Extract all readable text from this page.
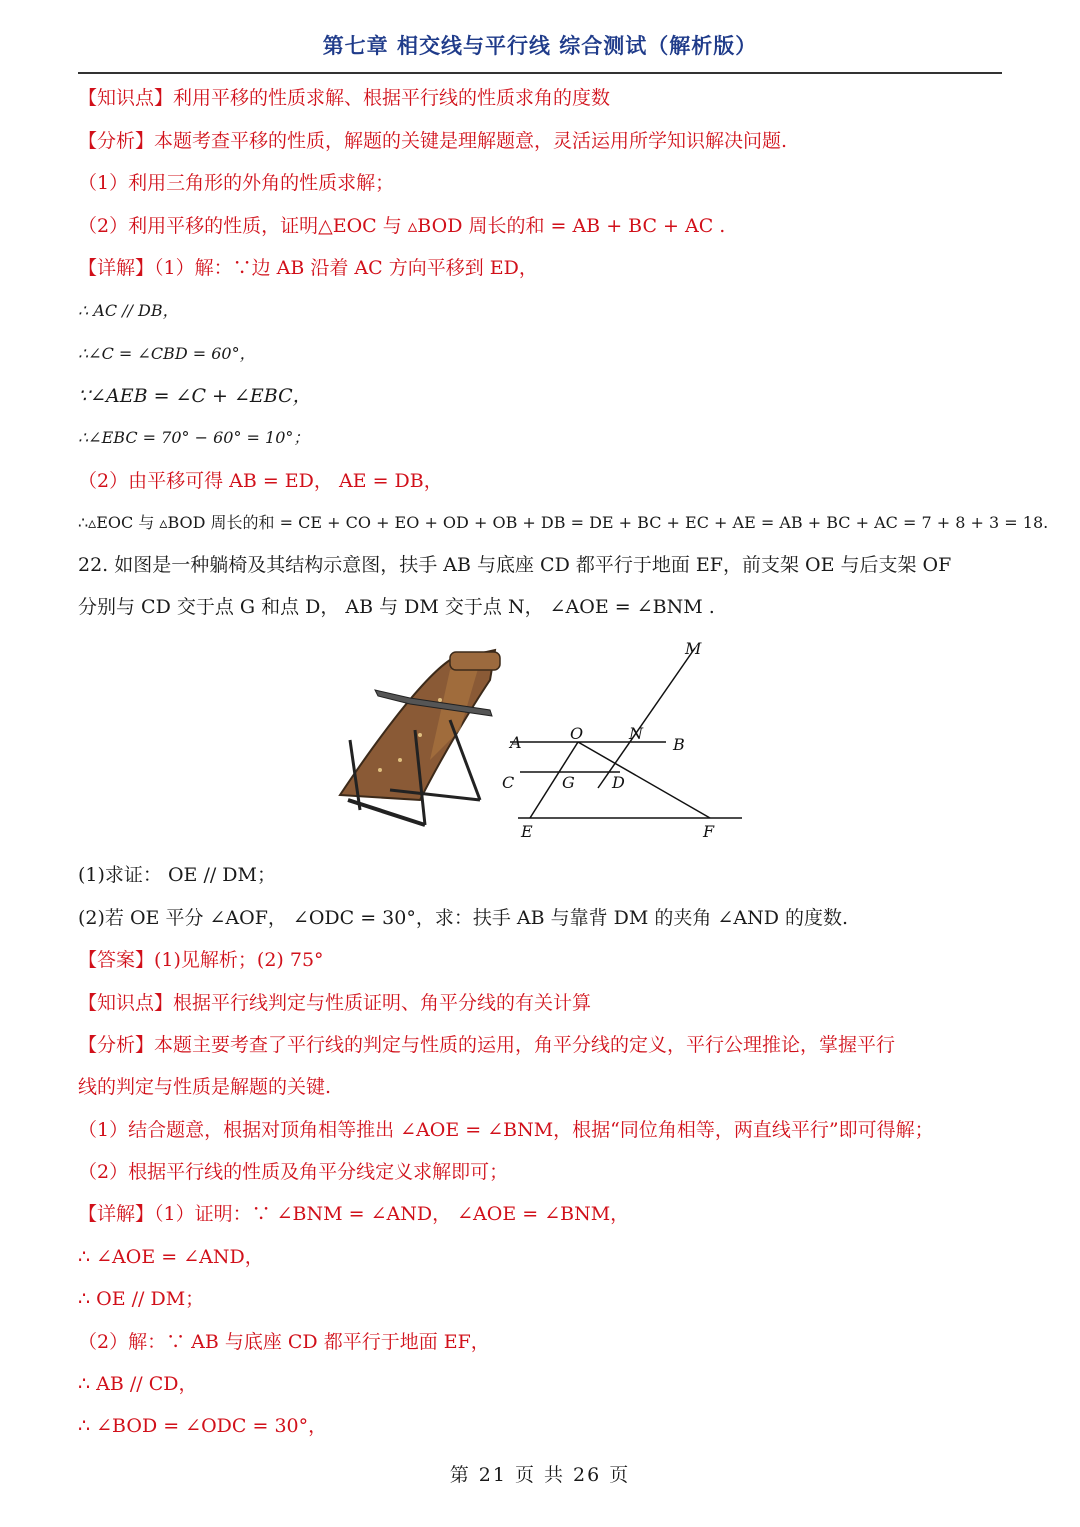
第七章 相交线与平行线 综合测试（解析版）
【知识点】利用平移的性质求解、根据平行线的性质求角的度数
【分析】本题考查平移的性质，解题的关键是理解题意，灵活运用所学知识解决问题.
（1）利用三角形的外角的性质求解；
（2）利用平移的性质，证明△EOC 与 ▵BOD 周长的和 = AB + BC + AC .
【详解】（1）解：∵边 AB 沿着 AC 方向平移到 ED，
∴ AC // DB，
∴∠C = ∠CBD = 60°，
∵∠AEB = ∠C + ∠EBC，
∴∠EBC = 70° − 60° = 10°；
（2）由平移可得 AB = ED， AE = DB，
∴▵EOC 与 ▵BOD 周长的和 = CE + CO + EO + OD + OB + DB = DE + BC + EC + AE = AB + BC + AC = 7 + 8 + 3 = 18.
22. 如图是一种躺椅及其结构示意图，扶手 AB 与底座 CD 都平行于地面 EF，前支架 OE 与后支架 OF
分别与 CD 交于点 G 和点 D， AB 与 DM 交于点 N， ∠AOE = ∠BNM .
M
A	O	N
B
C	G D
E	F
(1)求证： OE // DM；
(2)若 OE 平分 ∠AOF， ∠ODC = 30°，求：扶手 AB 与靠背 DM 的夹角 ∠AND 的度数.
【答案】(1)见解析；(2) 75°
【知识点】根据平行线判定与性质证明、角平分线的有关计算
【分析】本题主要考查了平行线的判定与性质的运用，角平分线的定义，平行公理推论，掌握平行
线的判定与性质是解题的关键.
（1）结合题意，根据对顶角相等推出 ∠AOE = ∠BNM，根据“同位角相等，两直线平行”即可得解；
（2）根据平行线的性质及角平分线定义求解即可；
【详解】（1）证明：∵ ∠BNM = ∠AND， ∠AOE = ∠BNM，
∴ ∠AOE = ∠AND，
∴ OE // DM；
（2）解：∵ AB 与底座 CD 都平行于地面 EF，
∴ AB // CD，
∴ ∠BOD = ∠ODC = 30°，
第 21 页 共 26 页
